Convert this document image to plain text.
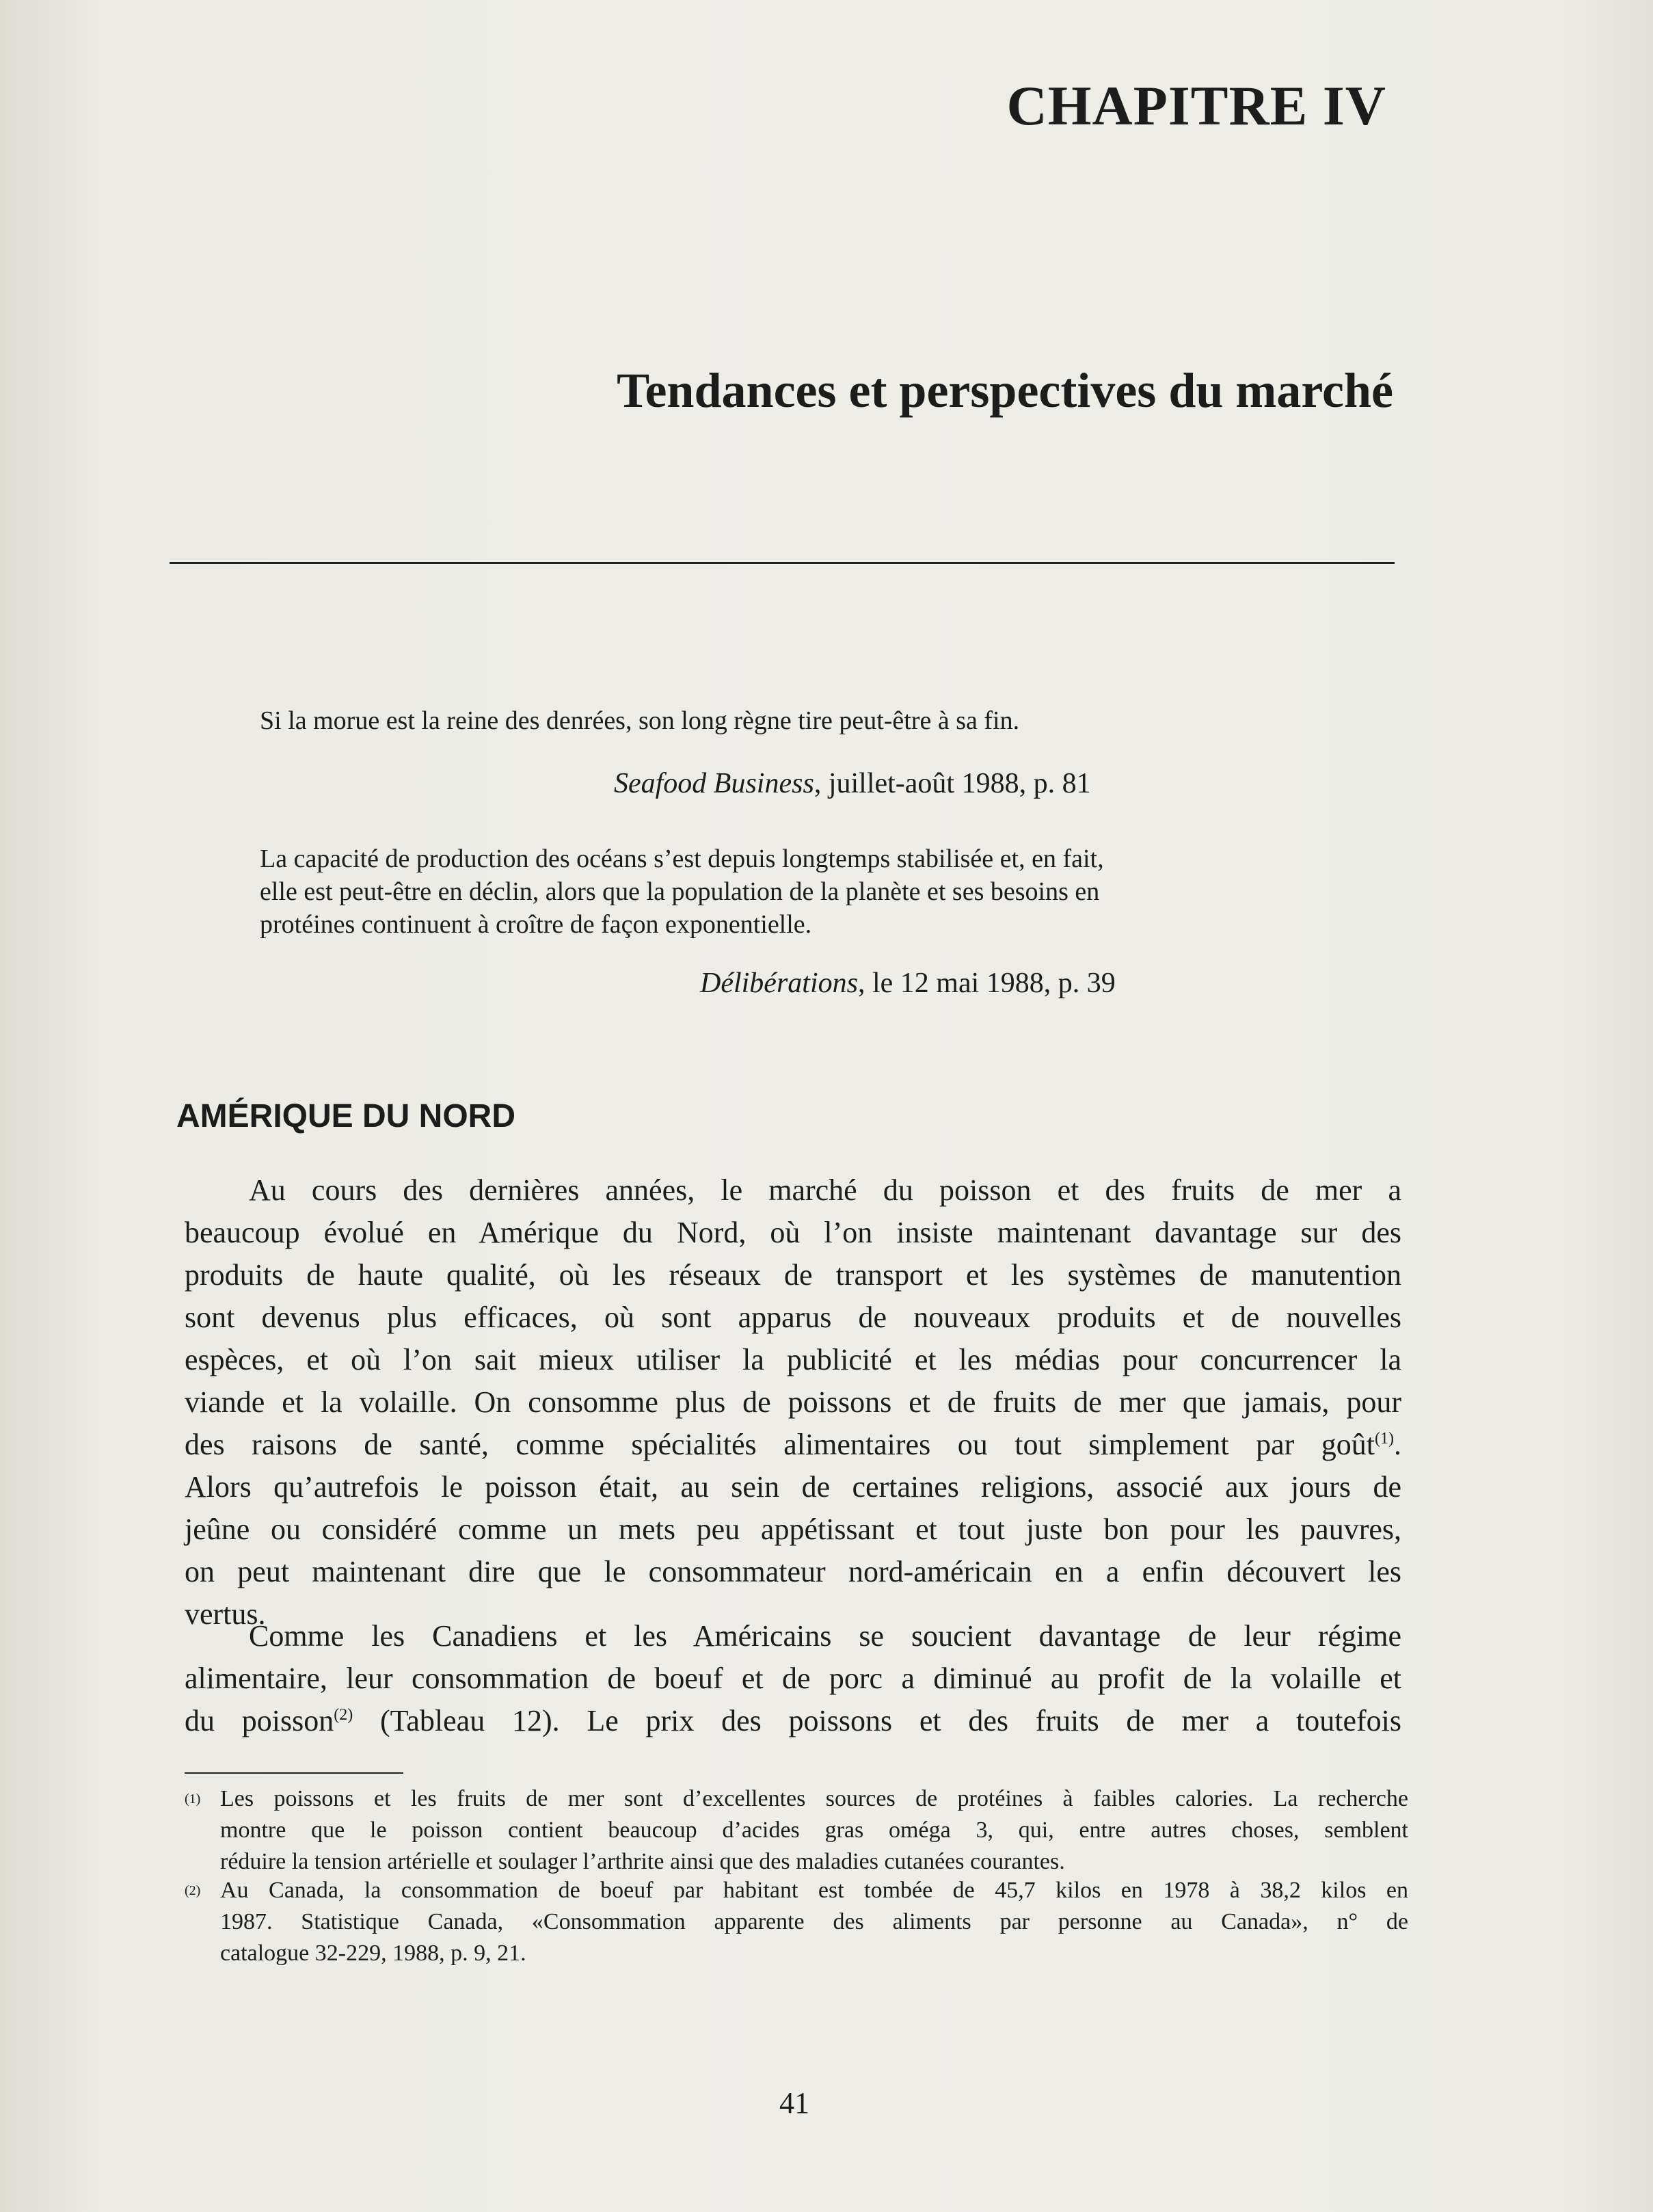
CHAPITRE IV
Tendances et perspectives du marché
Si la morue est la reine des denrées, son long règne tire peut-être à sa fin.
Seafood Business, juillet-août 1988, p. 81
La capacité de production des océans s’est depuis longtemps stabilisée et, en fait,
elle est peut-être en déclin, alors que la population de la planète et ses besoins en
protéines continuent à croître de façon exponentielle.
Délibérations, le 12 mai 1988, p. 39
AMÉRIQUE DU NORD
Au cours des dernières années, le marché du poisson et des fruits de mer a
beaucoup évolué en Amérique du Nord, où l’on insiste maintenant davantage sur des
produits de haute qualité, où les réseaux de transport et les systèmes de manutention
sont devenus plus efficaces, où sont apparus de nouveaux produits et de nouvelles
espèces, et où l’on sait mieux utiliser la publicité et les médias pour concurrencer la
viande et la volaille. On consomme plus de poissons et de fruits de mer que jamais, pour
des raisons de santé, comme spécialités alimentaires ou tout simplement par goût$^{(1)}$.
Alors qu’autrefois le poisson était, au sein de certaines religions, associé aux jours de
jeûne ou considéré comme un mets peu appétissant et tout juste bon pour les pauvres,
on peut maintenant dire que le consommateur nord-américain en a enfin découvert les
vertus.
Comme les Canadiens et les Américains se soucient davantage de leur régime
alimentaire, leur consommation de boeuf et de porc a diminué au profit de la volaille et
du poisson$^{(2)}$ (Tableau 12). Le prix des poissons et des fruits de mer a toutefois
(1) Les poissons et les fruits de mer sont d’excellentes sources de protéines à faibles calories. La recherche
montre que le poisson contient beaucoup d’acides gras oméga 3, qui, entre autres choses, semblent
réduire la tension artérielle et soulager l’arthrite ainsi que des maladies cutanées courantes.
(2) Au Canada, la consommation de boeuf par habitant est tombée de 45,7 kilos en 1978 à 38,2 kilos en
1987. Statistique Canada, «Consommation apparente des aliments par personne au Canada», n° de
catalogue 32-229, 1988, p. 9, 21.
41
